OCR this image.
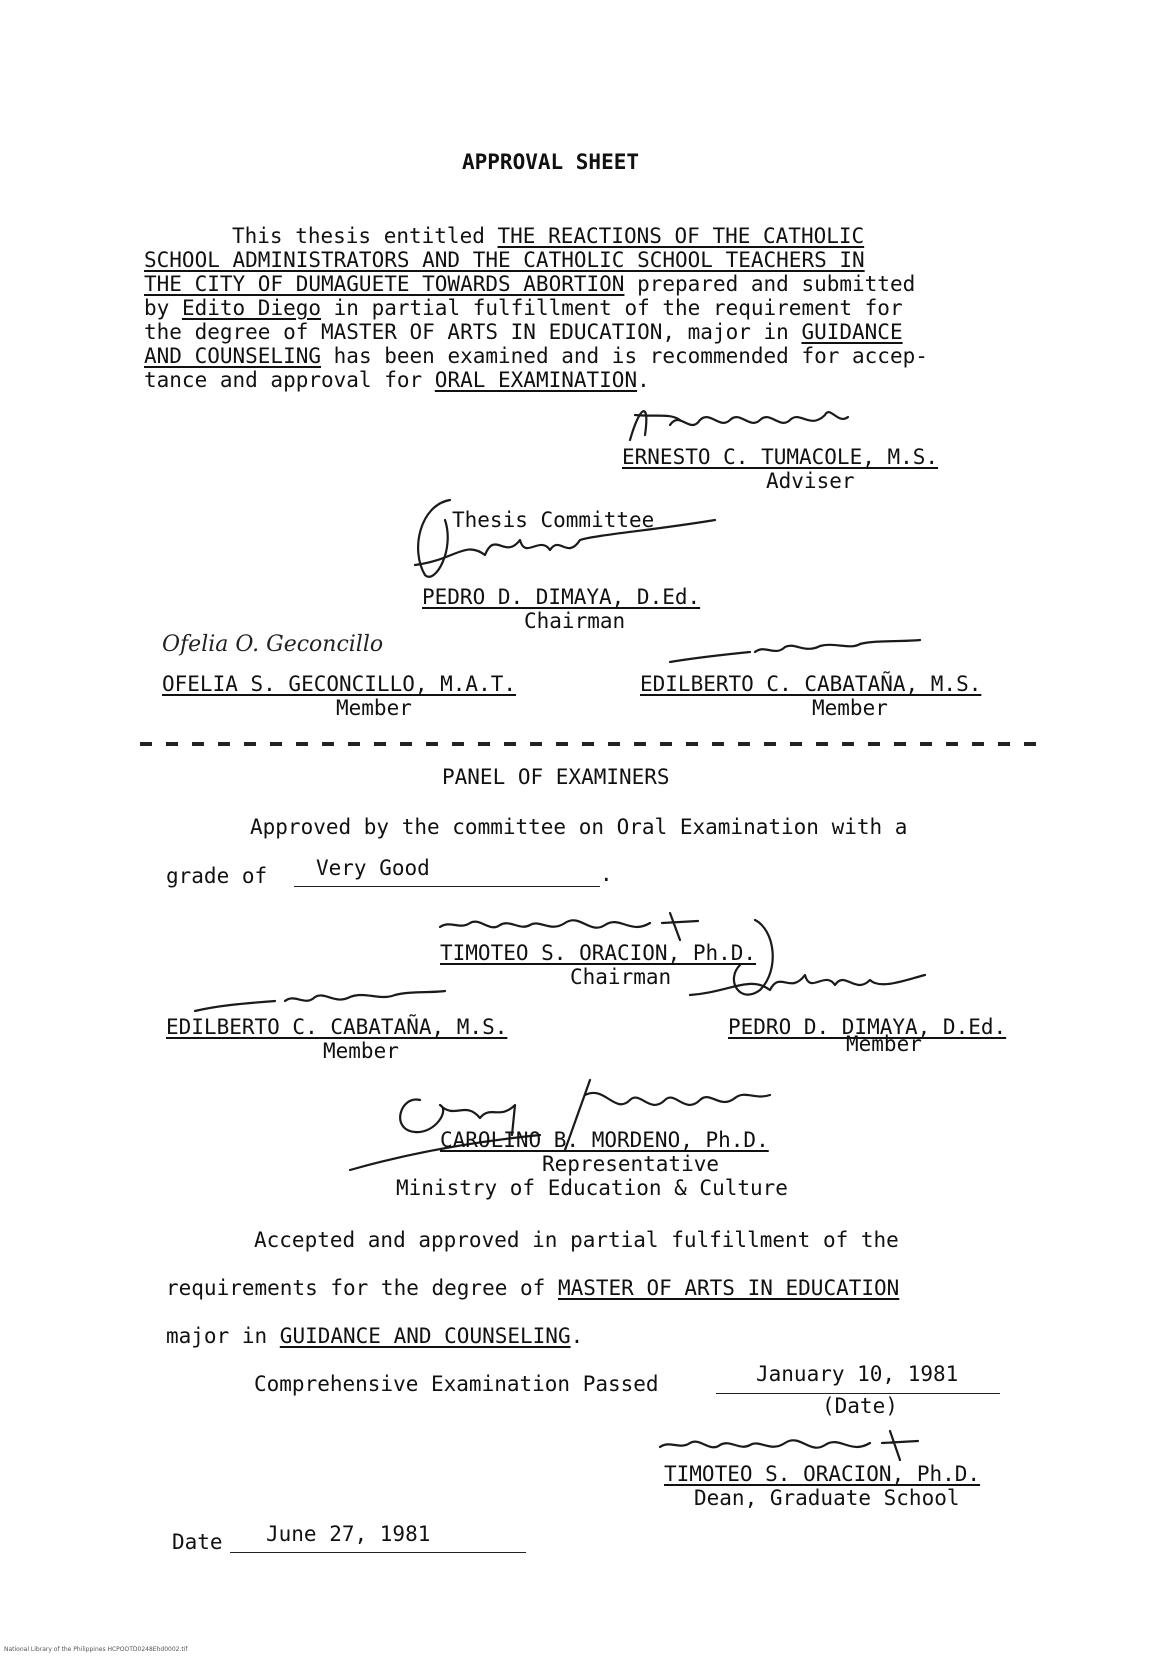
APPROVAL SHEET
This thesis entitled THE REACTIONS OF THE CATHOLIC
SCHOOL ADMINISTRATORS AND THE CATHOLIC SCHOOL TEACHERS IN
THE CITY OF DUMAGUETE TOWARDS ABORTION prepared and submitted
by Edito Diego in partial fulfillment of the requirement for
the degree of MASTER OF ARTS IN EDUCATION, major in GUIDANCE
AND COUNSELING has been examined and is recommended for accep-
tance and approval for ORAL EXAMINATION.
ERNESTO C. TUMACOLE, M.S.
Adviser
Thesis Committee
PEDRO D. DIMAYA, D.Ed.
Chairman
Ofelia O. Geconcillo
OFELIA S. GECONCILLO, M.A.T.
Member
EDILBERTO C. CABATAÑA, M.S.
Member
PANEL OF EXAMINERS
Approved by the committee on Oral Examination with a
grade of Very Good	.
TIMOTEO S. ORACION, Ph.D.
Chairman
EDILBERTO C. CABATAÑA, M.S.
Member
PEDRO D. DIMAYA, D.Ed.
Member
CAROLINO B. MORDENO, Ph.D.
Representative
Ministry of Education & Culture
Accepted and approved in partial fulfillment of the
requirements for the degree of MASTER OF ARTS IN EDUCATION
major in GUIDANCE AND COUNSELING.
Comprehensive Examination Passed	January 10, 1981
(Date)
TIMOTEO S. ORACION, Ph.D.
Dean, Graduate School
Date June 27, 1981
National Library of the Philippines HCPOOTD0248Ehd0002.tif
